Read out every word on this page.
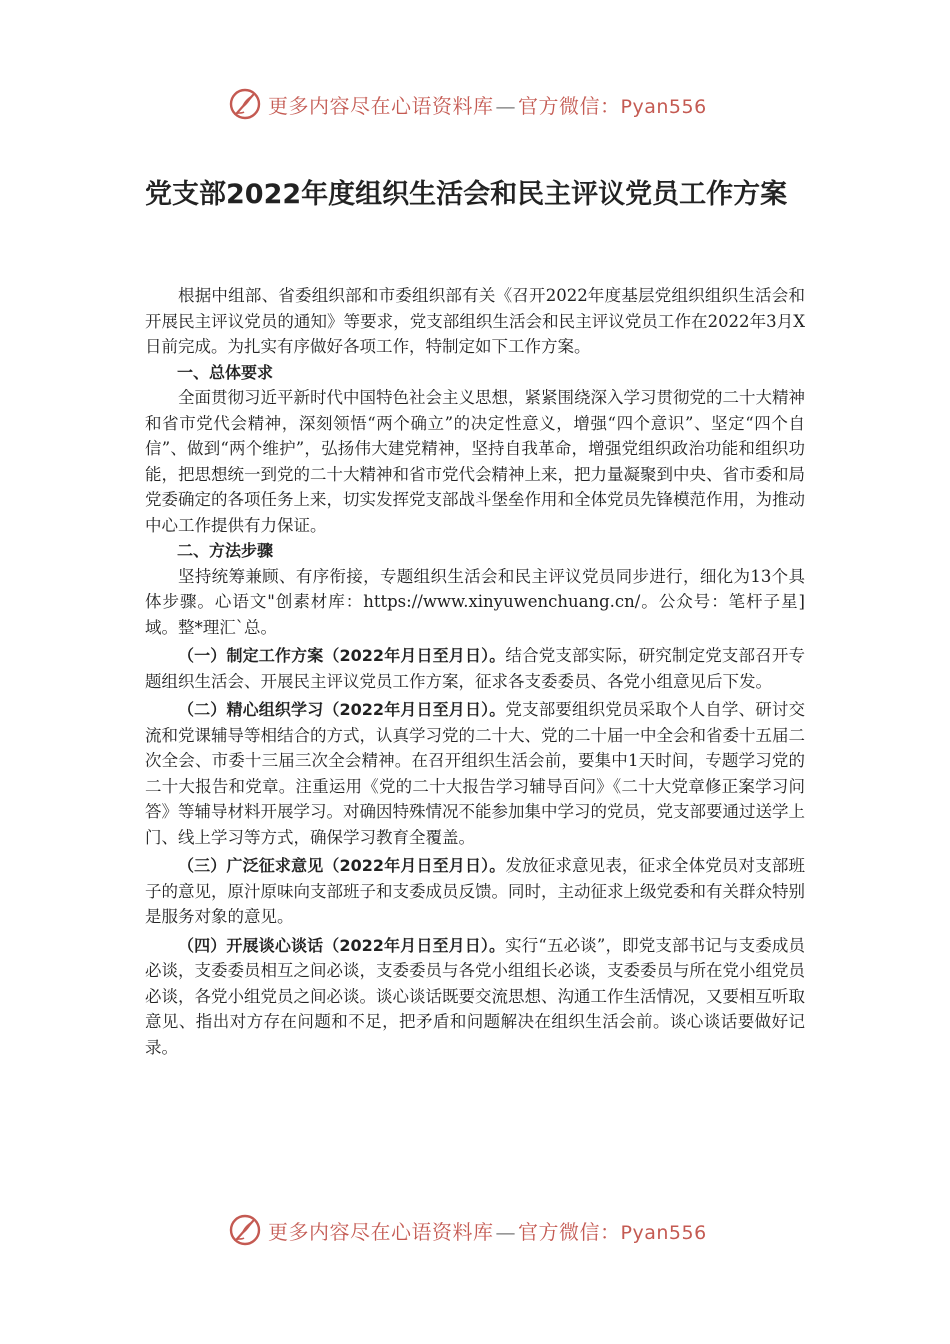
更多内容尽在心语资料库 — 官方微信：Pyan556
党支部2022年度组织生活会和民主评议党员工作方案

根据中组部、省委组织部和市委组织部有关《召开2022年度基层党组织组织生活会和开展民主评议党员的通知》等要求，党支部组织生活会和民主评议党员工作在2022年3月X日前完成。为扎实有序做好各项工作，特制定如下工作方案。

一、总体要求

全面贯彻习近平新时代中国特色社会主义思想，紧紧围绕深入学习贯彻党的二十大精神和省市党代会精神，深刻领悟“两个确立”的决定性意义，增强“四个意识”、坚定“四个自信”、做到“两个维护”，弘扬伟大建党精神，坚持自我革命，增强党组织政治功能和组织功能，把思想统一到党的二十大精神和省市党代会精神上来，把力量凝聚到中央、省市委和局党委确定的各项任务上来，切实发挥党支部战斗堡垒作用和全体党员先锋模范作用，为推动中心工作提供有力保证。

二、方法步骤

坚持统筹兼顾、有序衔接，专题组织生活会和民主评议党员同步进行，细化为13个具体步骤。心语文"创素材库：https://www.xinyuwenchuang.cn/。公众号：笔杆子星]域。整*理汇`总。

（一）制定工作方案（2022年月日至月日）。结合党支部实际，研究制定党支部召开专题组织生活会、开展民主评议党员工作方案，征求各支委委员、各党小组意见后下发。

（二）精心组织学习（2022年月日至月日）。党支部要组织党员采取个人自学、研讨交流和党课辅导等相结合的方式，认真学习党的二十大、党的二十届一中全会和省委十五届二次全会、市委十三届三次全会精神。在召开组织生活会前，要集中1天时间，专题学习党的二十大报告和党章。注重运用《党的二十大报告学习辅导百问》《二十大党章修正案学习问答》等辅导材料开展学习。对确因特殊情况不能参加集中学习的党员，党支部要通过送学上门、线上学习等方式，确保学习教育全覆盖。

（三）广泛征求意见（2022年月日至月日）。发放征求意见表，征求全体党员对支部班子的意见，原汁原味向支部班子和支委成员反馈。同时，主动征求上级党委和有关群众特别是服务对象的意见。

（四）开展谈心谈话（2022年月日至月日）。实行“五必谈”，即党支部书记与支委成员必谈，支委委员相互之间必谈，支委委员与各党小组组长必谈，支委委员与所在党小组党员必谈，各党小组党员之间必谈。谈心谈话既要交流思想、沟通工作生活情况，又要相互听取意见、指出对方存在问题和不足，把矛盾和问题解决在组织生活会前。谈心谈话要做好记录。

更多内容尽在心语资料库 — 官方微信：Pyan556
